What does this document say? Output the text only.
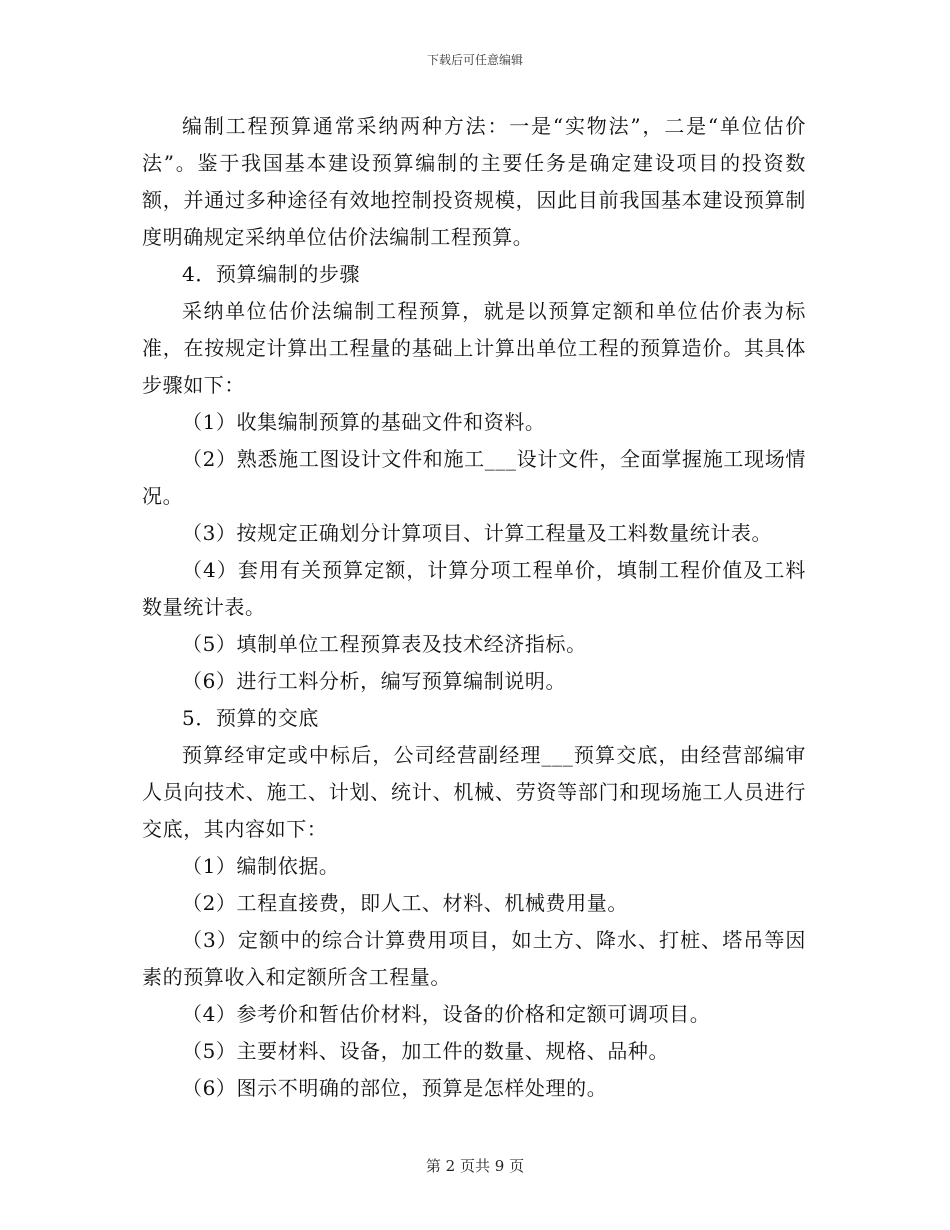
下载后可任意编辑

编制工程预算通常采纳两种方法：一是“实物法”，二是“单位估价法”。鉴于我国基本建设预算编制的主要任务是确定建设项目的投资数额，并通过多种途径有效地控制投资规模，因此目前我国基本建设预算制度明确规定采纳单位估价法编制工程预算。

4．预算编制的步骤

采纳单位估价法编制工程预算，就是以预算定额和单位估价表为标准，在按规定计算出工程量的基础上计算出单位工程的预算造价。其具体步骤如下：

（1）收集编制预算的基础文件和资料。

（2）熟悉施工图设计文件和施工___设计文件，全面掌握施工现场情况。

（3）按规定正确划分计算项目、计算工程量及工料数量统计表。

（4）套用有关预算定额，计算分项工程单价，填制工程价值及工料数量统计表。

（5）填制单位工程预算表及技术经济指标。

（6）进行工料分析，编写预算编制说明。

5．预算的交底

预算经审定或中标后，公司经营副经理___预算交底，由经营部编审人员向技术、施工、计划、统计、机械、劳资等部门和现场施工人员进行交底，其内容如下：

（1）编制依据。

（2）工程直接费，即人工、材料、机械费用量。

（3）定额中的综合计算费用项目，如土方、降水、打桩、塔吊等因素的预算收入和定额所含工程量。

（4）参考价和暂估价材料，设备的价格和定额可调项目。

（5）主要材料、设备，加工件的数量、规格、品种。

（6）图示不明确的部位，预算是怎样处理的。

第 2 页共 9 页
